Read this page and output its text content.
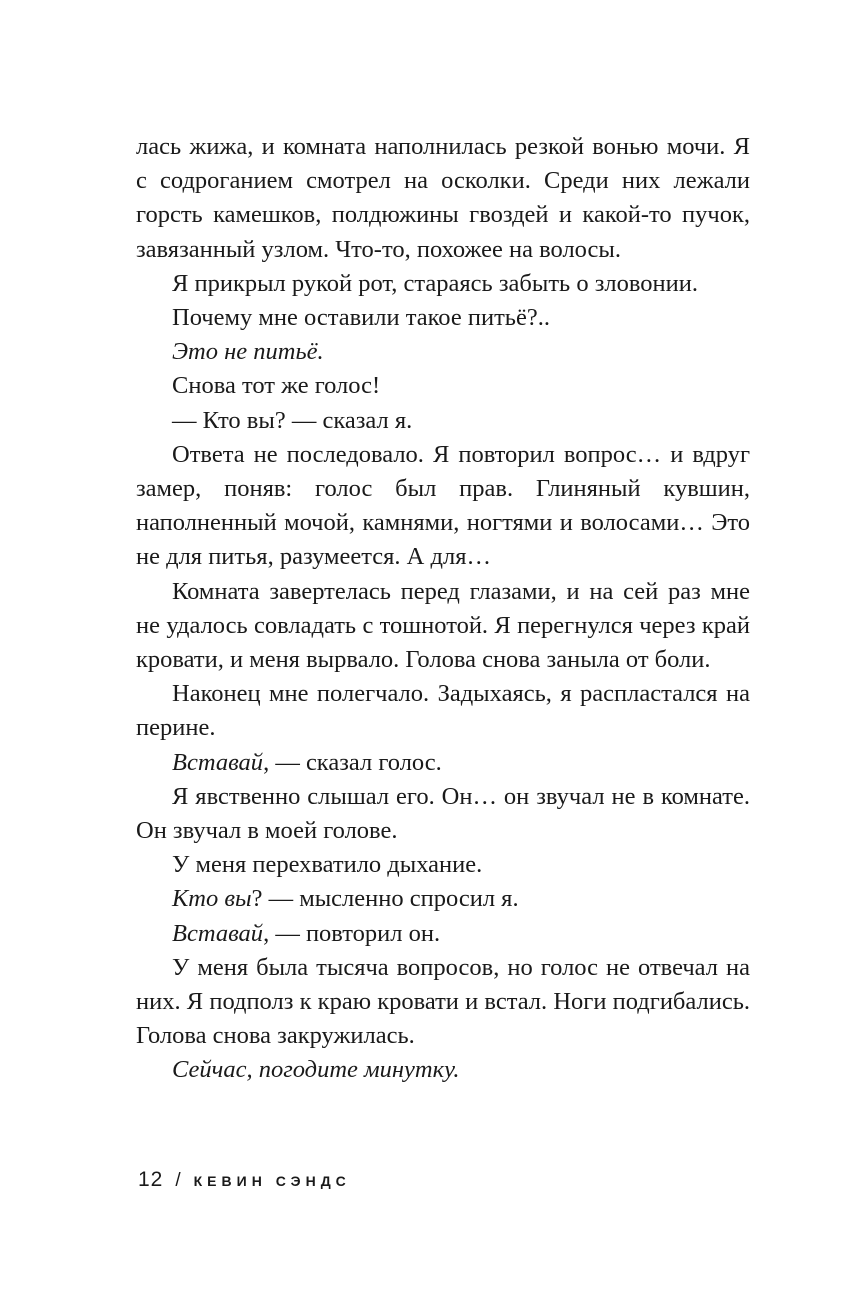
лась жижа, и комната наполнилась резкой вонью мочи. Я с содроганием смотрел на осколки. Среди них лежали горсть камешков, полдюжины гвоздей и какой-то пучок, завязанный узлом. Что-то, похожее на волосы.

Я прикрыл рукой рот, стараясь забыть о зловонии.

Почему мне оставили такое питьё?..

Это не питьё.

Снова тот же голос!

— Кто вы? — сказал я.

Ответа не последовало. Я повторил вопрос… и вдруг замер, поняв: голос был прав. Глиняный кувшин, наполненный мочой, камнями, ногтями и волосами… Это не для питья, разумеется. А для…

Комната завертелась перед глазами, и на сей раз мне не удалось совладать с тошнотой. Я перегнулся через край кровати, и меня вырвало. Голова снова заныла от боли.

Наконец мне полегчало. Задыхаясь, я распластался на перине.

Вставай, — сказал голос.

Я явственно слышал его. Он… он звучал не в комнате. Он звучал в моей голове.

У меня перехватило дыхание.

Кто вы? — мысленно спросил я.

Вставай, — повторил он.

У меня была тысяча вопросов, но голос не отвечал на них. Я подполз к краю кровати и встал. Ноги подгибались. Голова снова закружилась.

Сейчас, погодите минутку.

12 / КЕВИН СЭНДС
